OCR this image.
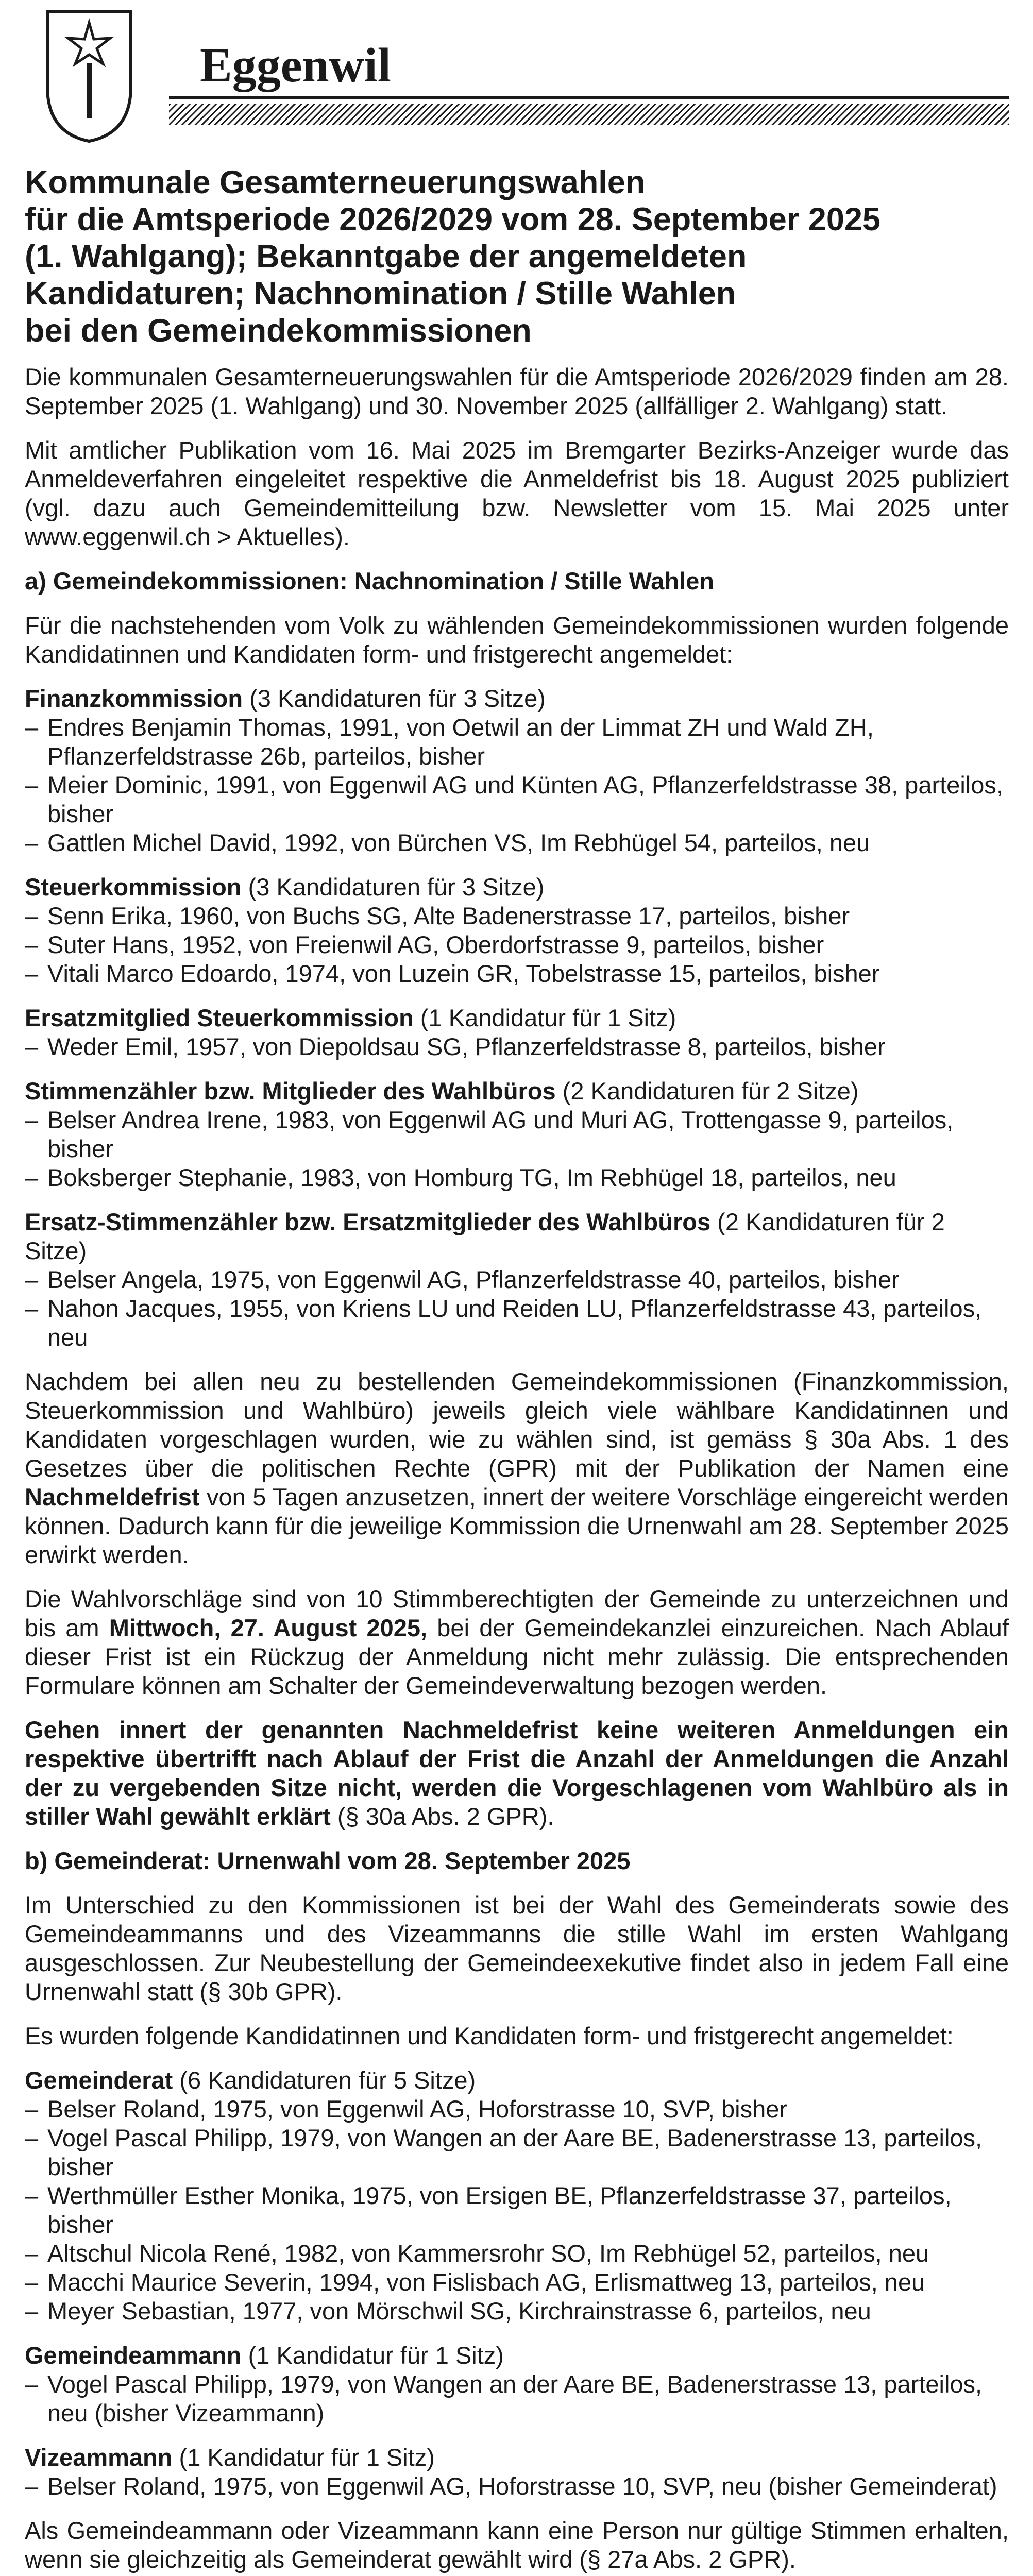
Eggenwil
Kommunale Gesamterneuerungswahlen
für die Amtsperiode 2026/2029 vom 28. September 2025
(1. Wahlgang); Bekanntgabe der angemeldeten
Kandidaturen; Nachnomination / Stille Wahlen
bei den Gemeindekommissionen

Die kommunalen Gesamterneuerungswahlen für die Amtsperiode 2026/2029 finden am 28. September 2025 (1. Wahlgang) und 30. November 2025 (allfälliger 2. Wahlgang) statt.

Mit amtlicher Publikation vom 16. Mai 2025 im Bremgarter Bezirks-Anzeiger wurde das Anmeldeverfahren eingeleitet respektive die Anmeldefrist bis 18. August 2025 publiziert (vgl. dazu auch Gemeindemitteilung bzw. Newsletter vom 15. Mai 2025 unter www.eggenwil.ch > Aktuelles).

a) Gemeindekommissionen: Nachnomination / Stille Wahlen

Für die nachstehenden vom Volk zu wählenden Gemeindekommissionen wurden folgende Kandidatinnen und Kandidaten form- und fristgerecht angemeldet:

Finanzkommission (3 Kandidaturen für 3 Sitze)
– Endres Benjamin Thomas, 1991, von Oetwil an der Limmat ZH und Wald ZH, Pflanzerfeldstrasse 26b, parteilos, bisher
– Meier Dominic, 1991, von Eggenwil AG und Künten AG, Pflanzerfeldstrasse 38, parteilos, bisher
– Gattlen Michel David, 1992, von Bürchen VS, Im Rebhügel 54, parteilos, neu
Steuerkommission (3 Kandidaturen für 3 Sitze)
– Senn Erika, 1960, von Buchs SG, Alte Badenerstrasse 17, parteilos, bisher
– Suter Hans, 1952, von Freienwil AG, Oberdorfstrasse 9, parteilos, bisher
– Vitali Marco Edoardo, 1974, von Luzein GR, Tobelstrasse 15, parteilos, bisher
Ersatzmitglied Steuerkommission (1 Kandidatur für 1 Sitz)
– Weder Emil, 1957, von Diepoldsau SG, Pflanzerfeldstrasse 8, parteilos, bisher
Stimmenzähler bzw. Mitglieder des Wahlbüros (2 Kandidaturen für 2 Sitze)
– Belser Andrea Irene, 1983, von Eggenwil AG und Muri AG, Trottengasse 9, parteilos, bisher
– Boksberger Stephanie, 1983, von Homburg TG, Im Rebhügel 18, parteilos, neu
Ersatz-Stimmenzähler bzw. Ersatzmitglieder des Wahlbüros (2 Kandidaturen für 2 Sitze)
– Belser Angela, 1975, von Eggenwil AG, Pflanzerfeldstrasse 40, parteilos, bisher
– Nahon Jacques, 1955, von Kriens LU und Reiden LU, Pflanzerfeldstrasse 43, parteilos, neu

Nachdem bei allen neu zu bestellenden Gemeindekommissionen (Finanzkommission, Steuerkommission und Wahlbüro) jeweils gleich viele wählbare Kandidatinnen und Kandidaten vorgeschlagen wurden, wie zu wählen sind, ist gemäss § 30a Abs. 1 des Gesetzes über die politischen Rechte (GPR) mit der Publikation der Namen eine Nachmeldefrist von 5 Tagen anzusetzen, innert der weitere Vorschläge eingereicht werden können. Dadurch kann für die jeweilige Kommission die Urnenwahl am 28. September 2025 erwirkt werden.

Die Wahlvorschläge sind von 10 Stimmberechtigten der Gemeinde zu unterzeichnen und bis am Mittwoch, 27. August 2025, bei der Gemeindekanzlei einzureichen. Nach Ablauf dieser Frist ist ein Rückzug der Anmeldung nicht mehr zulässig. Die entsprechenden Formulare können am Schalter der Gemeindeverwaltung bezogen werden.

Gehen innert der genannten Nachmeldefrist keine weiteren Anmeldungen ein respektive übertrifft nach Ablauf der Frist die Anzahl der Anmeldungen die Anzahl der zu vergebenden Sitze nicht, werden die Vorgeschlagenen vom Wahlbüro als in stiller Wahl gewählt erklärt (§ 30a Abs. 2 GPR).

b) Gemeinderat: Urnenwahl vom 28. September 2025

Im Unterschied zu den Kommissionen ist bei der Wahl des Gemeinderats sowie des Gemeindeammanns und des Vizeammanns die stille Wahl im ersten Wahlgang ausgeschlossen. Zur Neubestellung der Gemeindeexekutive findet also in jedem Fall eine Urnenwahl statt (§ 30b GPR).

Es wurden folgende Kandidatinnen und Kandidaten form- und fristgerecht angemeldet:

Gemeinderat (6 Kandidaturen für 5 Sitze)
– Belser Roland, 1975, von Eggenwil AG, Hoforstrasse 10, SVP, bisher
– Vogel Pascal Philipp, 1979, von Wangen an der Aare BE, Badenerstrasse 13, parteilos, bisher
– Werthmüller Esther Monika, 1975, von Ersigen BE, Pflanzerfeldstrasse 37, parteilos, bisher
– Altschul Nicola René, 1982, von Kammersrohr SO, Im Rebhügel 52, parteilos, neu
– Macchi Maurice Severin, 1994, von Fislisbach AG, Erlismattweg 13, parteilos, neu
– Meyer Sebastian, 1977, von Mörschwil SG, Kirchrainstrasse 6, parteilos, neu
Gemeindeammann (1 Kandidatur für 1 Sitz)
– Vogel Pascal Philipp, 1979, von Wangen an der Aare BE, Badenerstrasse 13, parteilos, neu (bisher Vizeammann)
Vizeammann (1 Kandidatur für 1 Sitz)
– Belser Roland, 1975, von Eggenwil AG, Hoforstrasse 10, SVP, neu (bisher Gemeinderat)

Als Gemeindeammann oder Vizeammann kann eine Person nur gültige Stimmen erhalten, wenn sie gleichzeitig als Gemeinderat gewählt wird (§ 27a Abs. 2 GPR).
